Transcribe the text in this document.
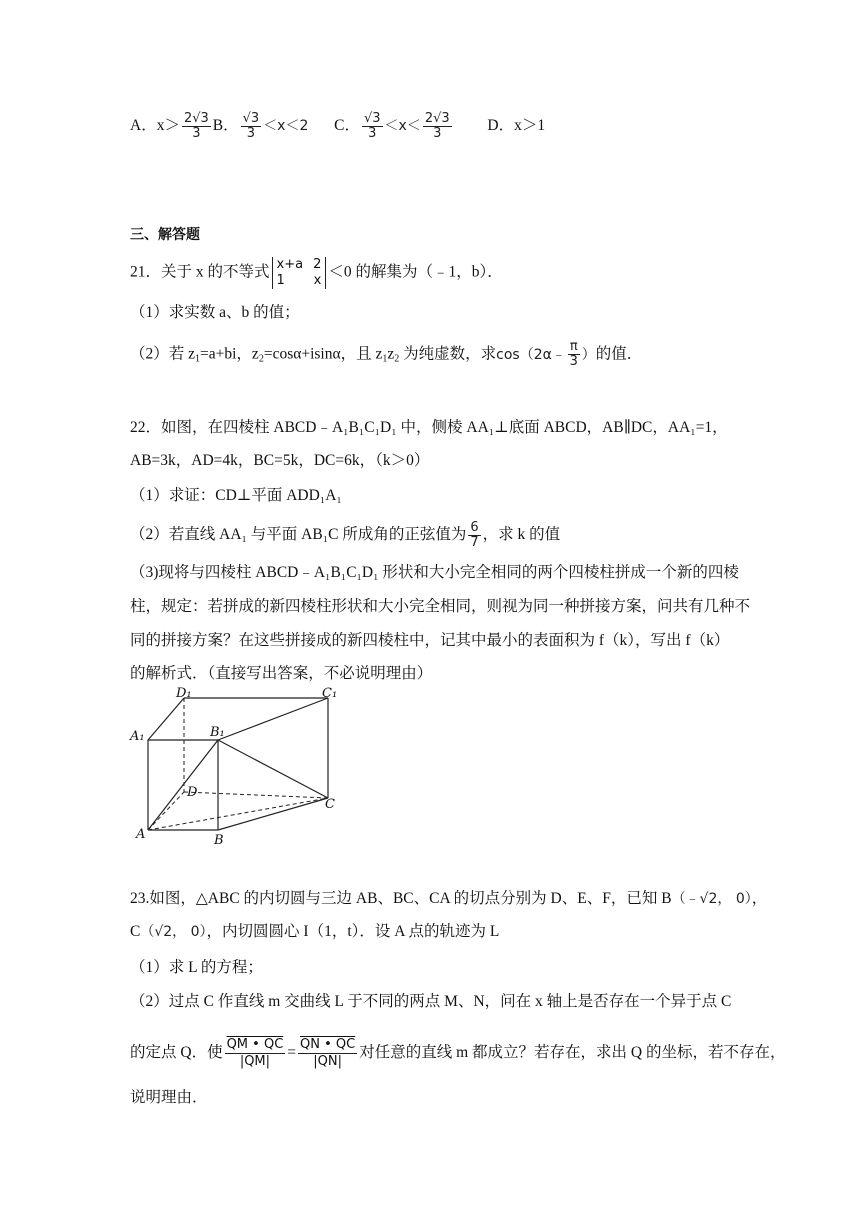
A．$x> \frac{2√3}{3}$ B． $\frac{√3}{3} <x<2$ C． $\frac{√3}{3} <x< \frac{2√3}{3}$ D．x＞1
三、解答题
21．关于 x 的不等式 x+a 2
1 x ＜0 的解集为（﹣1，b）．
（1）求实数 a、b 的值；
（2）若 $z_1=a+bi$，$z_2=\cos\alpha+isin\alpha$，且 $z_1z_2$ 为纯虚数，求cos（2α﹣ $\frac{\pi}{3}$ ）的值．
22．如图，在四棱柱 ABCD﹣A₁B₁C₁D₁ 中，侧棱 AA₁⊥底面 ABCD，AB∥DC，AA₁=1，
AB=3k，AD=4k，BC=5k，DC=6k，（k＞0）
（1）求证：CD⊥平面 ADD₁A₁
（2）若直线 AA₁ 与平面 AB₁C 所成角的正弦值为 $\frac{6}{7}$ ，求 k 的值
（3)现将与四棱柱 ABCD﹣A₁B₁C₁D₁ 形状和大小完全相同的两个四棱柱拼成一个新的四棱
柱，规定：若拼成的新四棱柱形状和大小完全相同，则视为同一种拼接方案，问共有几种不
同的拼接方案？在这些拼接成的新四棱柱中，记其中最小的表面积为 f（k），写出 f（k）
的解析式．（直接写出答案，不必说明理由）
D₁	C₁
A₁	B₁
D
C
A	B
23.如图，△ABC 的内切圆与三边 AB、BC、CA 的切点分别为 D、E、F，已知 B（﹣√2， 0），
C（√2， 0），内切圆圆心 I（1，t）．设 A 点的轨迹为 L
（1）求 L 的方程；
（2）过点 C 作直线 m 交曲线 L 于不同的两点 M、N，问在 x 轴上是否存在一个异于点 C
的定点 Q．使 $\frac{QM • QC}{|QM|} = \frac{QN • QC}{|QN|}$ 对任意的直线 m 都成立？若存在，求出 Q 的坐标，若不存在，
说明理由．
